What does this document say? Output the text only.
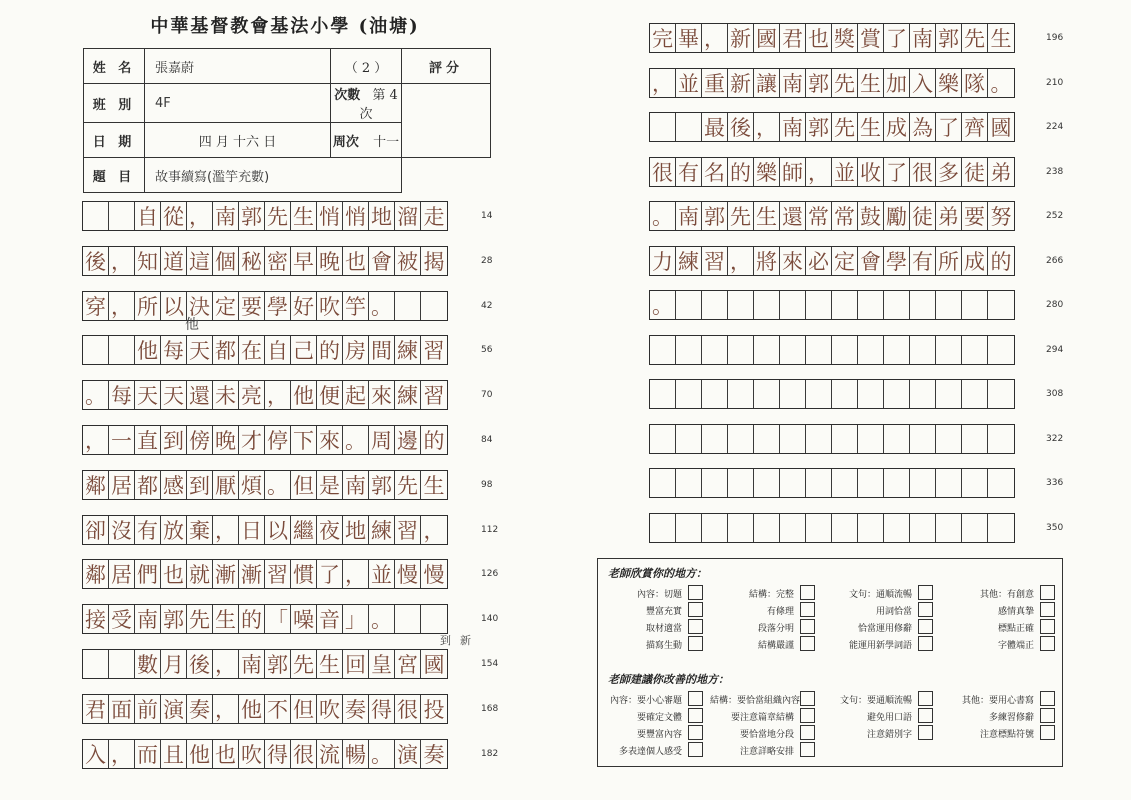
中華基督教會基法小學 (油塘)
姓 名	張嘉蔚	（ 2 ）	評分
班 別	4F	次數 第 4 次	
日 期	四 月 十六 日	周次 十一	
題 目	故事續寫(濫竽充數)		
自 從 ， 南 郭 先 生 悄 悄 地 溜 走	14
後 ， 知 道 這 個 秘 密 早 晚 也 會 被 揭	28
穿 ， 所 以 決 定 要 學 好 吹 竽 。	42
他 每 天 都 在 自 己 的 房 間 練 習	56
。 每 天 天 還 未 亮 ， 他 便 起 來 練 習	70
， 一 直 到 傍 晚 才 停 下 來 。 周 邊 的	84
鄰 居 都 感 到 厭 煩 。 但 是 南 郭 先 生	98
卻 沒 有 放 棄 ， 日 以 繼 夜 地 練 習 ，	112
鄰 居 們 也 就 漸 漸 習 慣 了 ， 並 慢 慢	126
接 受 南 郭 先 生 的 「 噪 音 」 。	140
數 月 後 ， 南 郭 先 生 回 皇 宮 國	154
君 面 前 演 奏 ， 他 不 但 吹 奏 得 很 投	168
入 ， 而 且 他 也 吹 得 很 流 暢 。 演 奏	182
完 畢 ， 新 國 君 也 獎 賞 了 南 郭 先 生	196
， 並 重 新 讓 南 郭 先 生 加 入 樂 隊 。	210
最 後 ， 南 郭 先 生 成 為 了 齊 國	224
很 有 名 的 樂 師 ， 並 收 了 很 多 徒 弟	238
。 南 郭 先 生 還 常 常 鼓 勵 徒 弟 要 努	252
力 練 習 ， 將 來 必 定 會 學 有 所 成 的	266
。	280
294
308
322
336
350
他
到 新
老師欣賞你的地方：
老師建議你改善的地方：
內容：切題
豐富充實
取材適當
描寫生動
結構：完整
有條理
段落分明
結構嚴謹
文句：通順流暢
用詞恰當
恰當運用修辭
能運用新學詞語
其他：有創意
感情真摯
標點正確
字體端正
內容：要小心審題
要確定文體
要豐富內容
多表達個人感受
結構：要恰當組織內容
要注意篇章結構
要恰當地分段
注意詳略安排
文句：要通順流暢
避免用口語
注意錯別字
其他：要用心書寫
多練習修辭
注意標點符號
